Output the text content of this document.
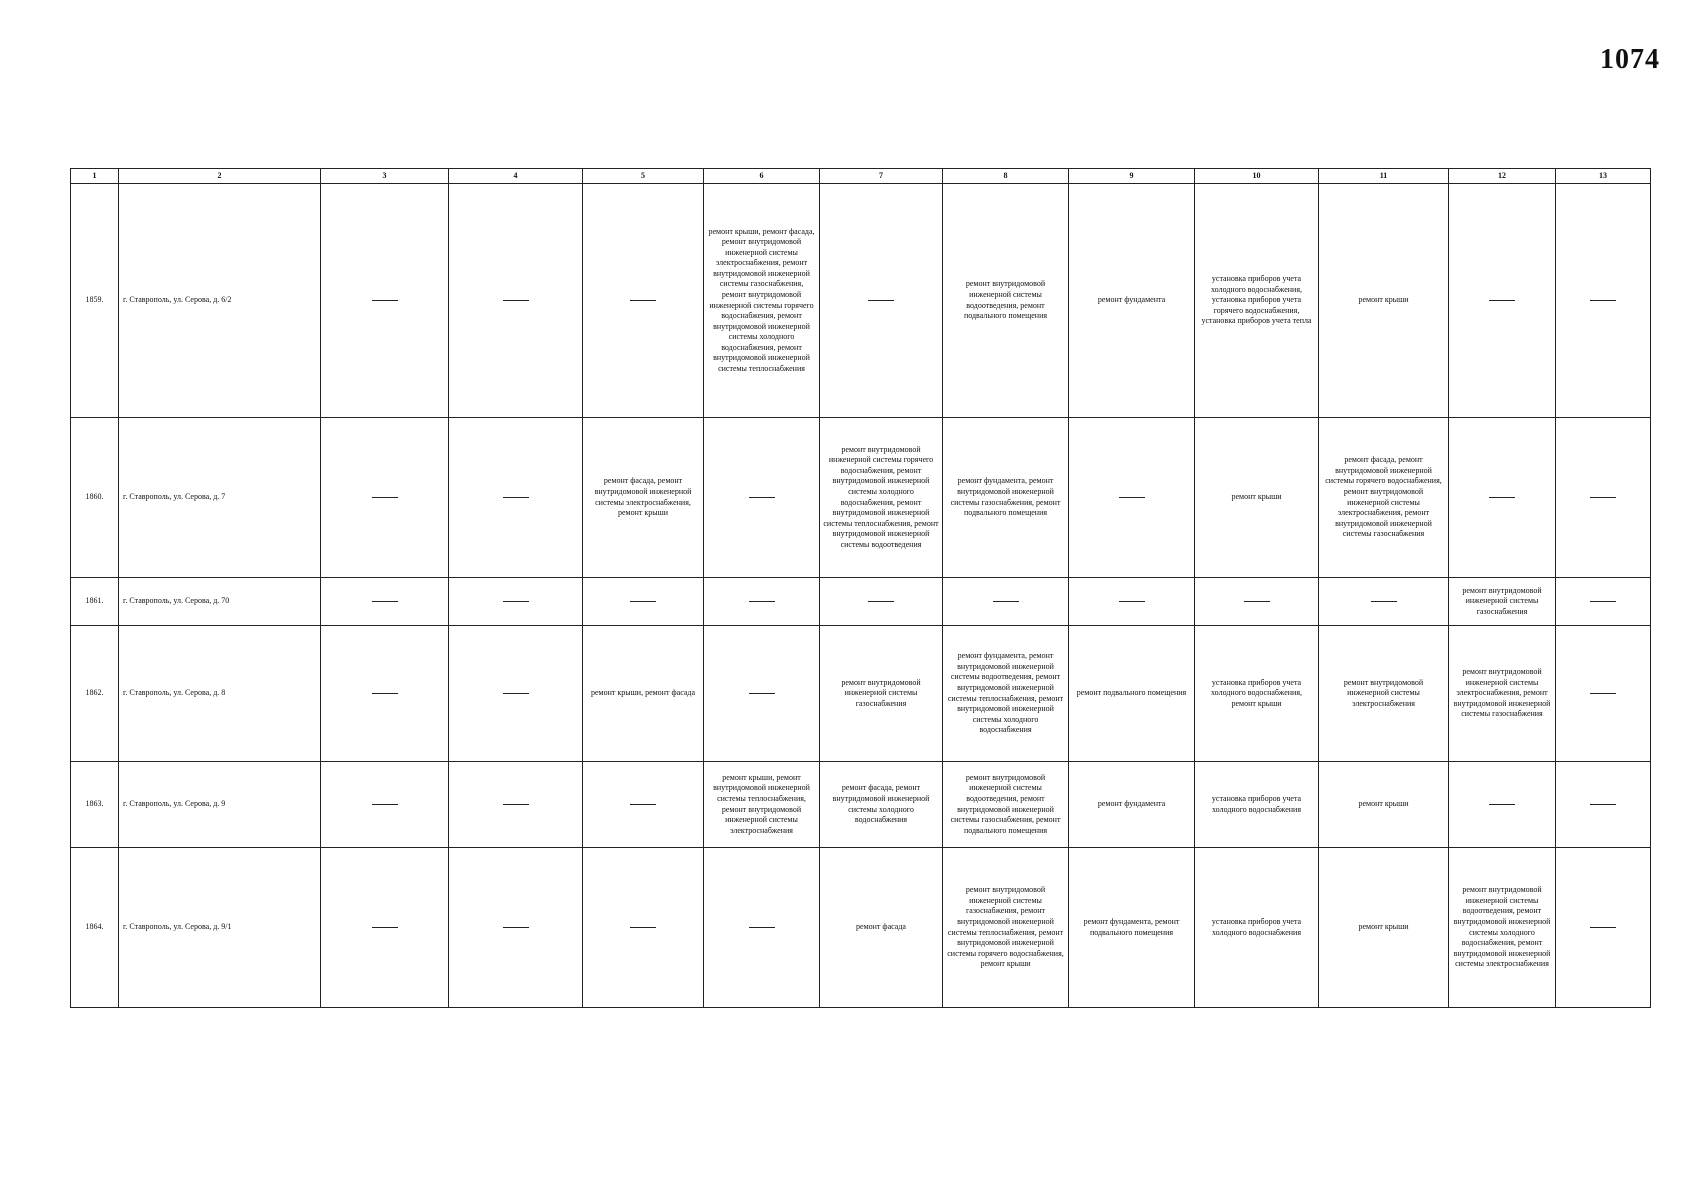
1074
1	2	3	4	5	6	7	8	9	10	11	12	13
1859.	г. Ставрополь, ул. Серова, д. 6/2				ремонт крыши, ремонт фасада, ремонт внутридомовой инженерной системы электроснабжения, ремонт внутридомовой инженерной системы газоснабжения, ремонт внутридомовой инженерной системы горячего водоснабжения, ремонт внутридомовой инженерной системы холодного водоснабжения, ремонт внутридомовой инженерной системы теплоснабжения		ремонт внутридомовой инженерной системы водоотведения, ремонт подвального помещения	ремонт фундамента	установка приборов учета холодного водоснабжения, установка приборов учета горячего водоснабжения, установка приборов учета тепла	ремонт крыши		
1860.	г. Ставрополь, ул. Серова, д. 7			ремонт фасада, ремонт внутридомовой инженерной системы электроснабжения, ремонт крыши		ремонт внутридомовой инженерной системы горячего водоснабжения, ремонт внутридомовой инженерной системы холодного водоснабжения, ремонт внутридомовой инженерной системы теплоснабжения, ремонт внутридомовой инженерной системы водоотведения	ремонт фундамента, ремонт внутридомовой инженерной системы газоснабжения, ремонт подвального помещения		ремонт крыши	ремонт фасада, ремонт внутридомовой инженерной системы горячего водоснабжения, ремонт внутридомовой инженерной системы электроснабжения, ремонт внутридомовой инженерной системы газоснабжения		
1861.	г. Ставрополь, ул. Серова, д. 70										ремонт внутридомовой инженерной системы газоснабжения	
1862.	г. Ставрополь, ул. Серова, д. 8			ремонт крыши, ремонт фасада		ремонт внутридомовой инженерной системы газоснабжения	ремонт фундамента, ремонт внутридомовой инженерной системы водоотведения, ремонт внутридомовой инженерной системы теплоснабжения, ремонт внутридомовой инженерной системы холодного водоснабжения	ремонт подвального помещения	установка приборов учета холодного водоснабжения, ремонт крыши	ремонт внутридомовой инженерной системы электроснабжения	ремонт внутридомовой инженерной системы электроснабжения, ремонт внутридомовой инженерной системы газоснабжения	
1863.	г. Ставрополь, ул. Серова, д. 9				ремонт крыши, ремонт внутридомовой инженерной системы теплоснабжения, ремонт внутридомовой инженерной системы электроснабжения	ремонт фасада, ремонт внутридомовой инженерной системы холодного водоснабжения	ремонт внутридомовой инженерной системы водоотведения, ремонт внутридомовой инженерной системы газоснабжения, ремонт подвального помещения	ремонт фундамента	установка приборов учета холодного водоснабжения	ремонт крыши		
1864.	г. Ставрополь, ул. Серова, д. 9/1					ремонт фасада	ремонт внутридомовой инженерной системы газоснабжения, ремонт внутридомовой инженерной системы теплоснабжения, ремонт внутридомовой инженерной системы горячего водоснабжения, ремонт крыши	ремонт фундамента, ремонт подвального помещения	установка приборов учета холодного водоснабжения	ремонт крыши	ремонт внутридомовой инженерной системы водоотведения, ремонт внутридомовой инженерной системы холодного водоснабжения, ремонт внутридомовой инженерной системы электроснабжения	
